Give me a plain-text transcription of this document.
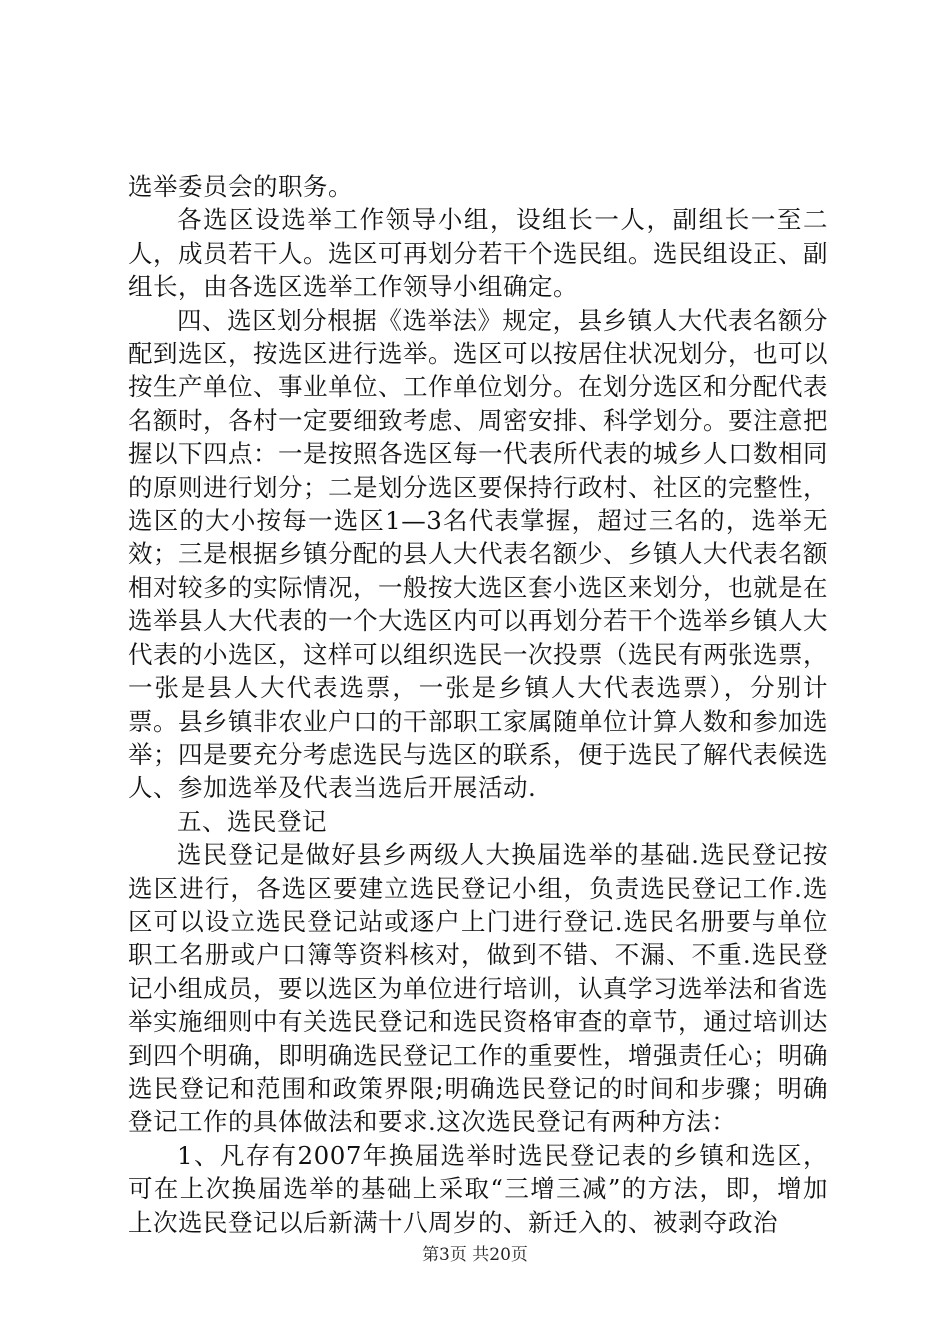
选举委员会的职务。

各选区设选举工作领导小组，设组长一人，副组长一至二人，成员若干人。选区可再划分若干个选民组。选民组设正、副组长，由各选区选举工作领导小组确定。

四、选区划分根据《选举法》规定，县乡镇人大代表名额分配到选区，按选区进行选举。选区可以按居住状况划分，也可以按生产单位、事业单位、工作单位划分。在划分选区和分配代表名额时，各村一定要细致考虑、周密安排、科学划分。要注意把握以下四点：一是按照各选区每一代表所代表的城乡人口数相同的原则进行划分；二是划分选区要保持行政村、社区的完整性，选区的大小按每一选区1—3名代表掌握，超过三名的，选举无效；三是根据乡镇分配的县人大代表名额少、乡镇人大代表名额相对较多的实际情况，一般按大选区套小选区来划分，也就是在选举县人大代表的一个大选区内可以再划分若干个选举乡镇人大代表的小选区，这样可以组织选民一次投票（选民有两张选票，一张是县人大代表选票，一张是乡镇人大代表选票），分别计票。县乡镇非农业户口的干部职工家属随单位计算人数和参加选举；四是要充分考虑选民与选区的联系，便于选民了解代表候选人、参加选举及代表当选后开展活动.

五、选民登记

选民登记是做好县乡两级人大换届选举的基础.选民登记按选区进行，各选区要建立选民登记小组，负责选民登记工作.选区可以设立选民登记站或逐户上门进行登记.选民名册要与单位职工名册或户口簿等资料核对，做到不错、不漏、不重.选民登记小组成员，要以选区为单位进行培训，认真学习选举法和省选举实施细则中有关选民登记和选民资格审查的章节，通过培训达到四个明确，即明确选民登记工作的重要性，增强责任心；明确选民登记和范围和政策界限;明确选民登记的时间和步骤；明确登记工作的具体做法和要求.这次选民登记有两种方法：

1、凡存有2007年换届选举时选民登记表的乡镇和选区，可在上次换届选举的基础上采取“三增三减”的方法，即，增加上次选民登记以后新满十八周岁的、新迁入的、被剥夺政治

第3页 共20页
